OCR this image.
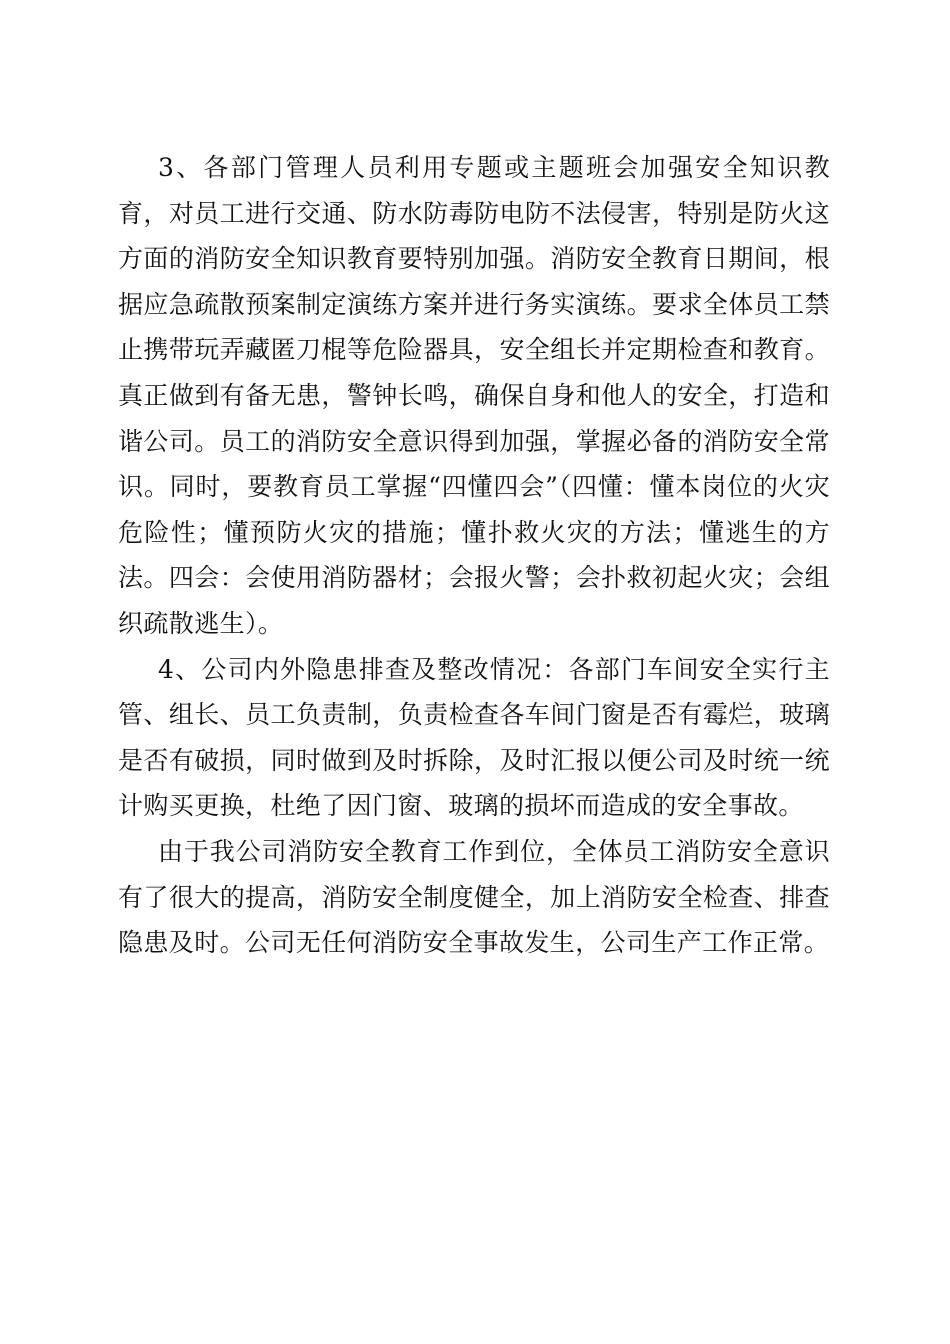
3、各部门管理人员利用专题或主题班会加强安全知识教育，对员工进行交通、防水防毒防电防不法侵害，特别是防火这方面的消防安全知识教育要特别加强。消防安全教育日期间，根据应急疏散预案制定演练方案并进行务实演练。要求全体员工禁止携带玩弄藏匿刀棍等危险器具，安全组长并定期检查和教育。真正做到有备无患，警钟长鸣，确保自身和他人的安全，打造和谐公司。员工的消防安全意识得到加强，掌握必备的消防安全常识。同时，要教育员工掌握“四懂四会”（四懂：懂本岗位的火灾危险性；懂预防火灾的措施；懂扑救火灾的方法；懂逃生的方法。四会：会使用消防器材；会报火警；会扑救初起火灾；会组织疏散逃生）。

4、公司内外隐患排查及整改情况：各部门车间安全实行主管、组长、员工负责制，负责检查各车间门窗是否有霉烂，玻璃是否有破损，同时做到及时拆除，及时汇报以便公司及时统一统计购买更换，杜绝了因门窗、玻璃的损坏而造成的安全事故。

由于我公司消防安全教育工作到位，全体员工消防安全意识有了很大的提高，消防安全制度健全，加上消防安全检查、排查隐患及时。公司无任何消防安全事故发生，公司生产工作正常。
